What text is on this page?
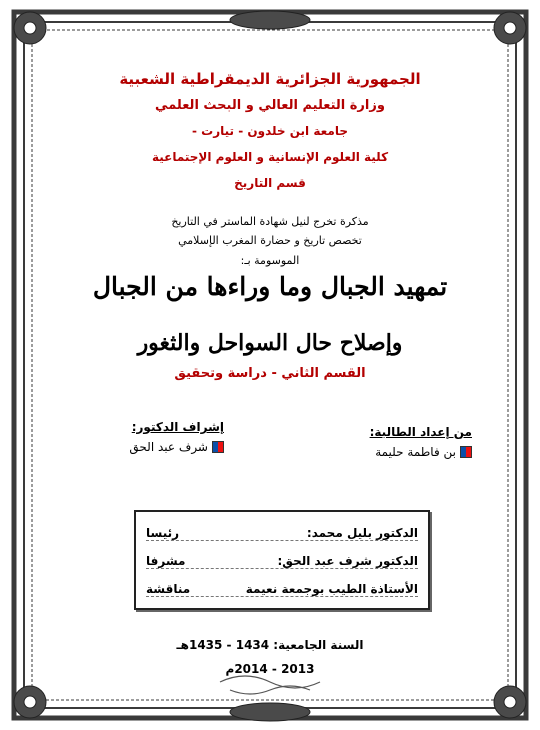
الجمهورية الجزائرية الديمقراطية الشعبية
وزارة التعليم العالي و البحث العلمي
جامعة ابن خلدون - تيارت -
كلية العلوم الإنسانية و العلوم الإجتماعية
قسم التاريخ
مذكرة تخرج لنيل شهادة الماستر في التاريخ
تخصص تاريخ و حضارة المغرب الإسلامي
الموسومة بـ:
تمهيد الجبال وما وراءها من الجبال
وإصلاح حال السواحل والثغور
القسم الثاني - دراسة وتحقيق
إشراف الدكتور:
شرف عبد الحق
من إعداد الطالبة:
بن فاطمة حليمة
الدكتور بليل محمد:
رئيسا
الدكتور شرف عبد الحق:
مشرفا
الأستاذة الطيب بوجمعة نعيمة
مناقشة
السنة الجامعية: 1434 - 1435هـ
2013 - 2014م
